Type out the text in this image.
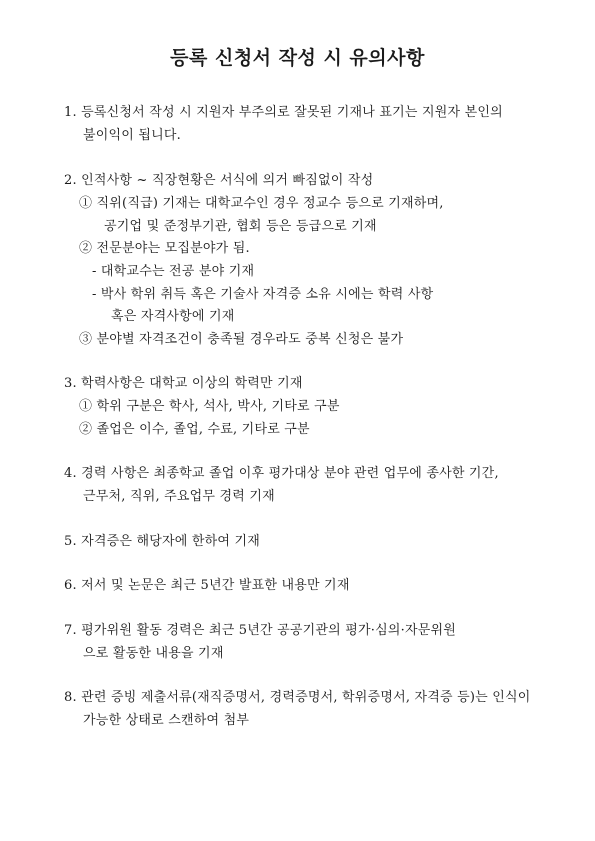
등록 신청서 작성 시 유의사항
1. 등록신청서 작성 시 지원자 부주의로 잘못된 기재나 표기는 지원자 본인의
불이익이 됩니다.
2. 인적사항 ~ 직장현황은 서식에 의거 빠짐없이 작성
① 직위(직급) 기재는 대학교수인 경우 정교수 등으로 기재하며,
공기업 및 준정부기관, 협회 등은 등급으로 기재
② 전문분야는 모집분야가 됨.
- 대학교수는 전공 분야 기재
- 박사 학위 취득 혹은 기술사 자격증 소유 시에는 학력 사항
혹은 자격사항에 기재
③ 분야별 자격조건이 충족될 경우라도 중복 신청은 불가
3. 학력사항은 대학교 이상의 학력만 기재
① 학위 구분은 학사, 석사, 박사, 기타로 구분
② 졸업은 이수, 졸업, 수료, 기타로 구분
4. 경력 사항은 최종학교 졸업 이후 평가대상 분야 관련 업무에 종사한 기간,
근무처, 직위, 주요업무 경력 기재
5. 자격증은 해당자에 한하여 기재
6. 저서 및 논문은 최근 5년간 발표한 내용만 기재
7. 평가위원 활동 경력은 최근 5년간 공공기관의 평가·심의·자문위원
으로 활동한 내용을 기재
8. 관련 증빙 제출서류(재직증명서, 경력증명서, 학위증명서, 자격증 등)는 인식이
가능한 상태로 스캔하여 첨부
